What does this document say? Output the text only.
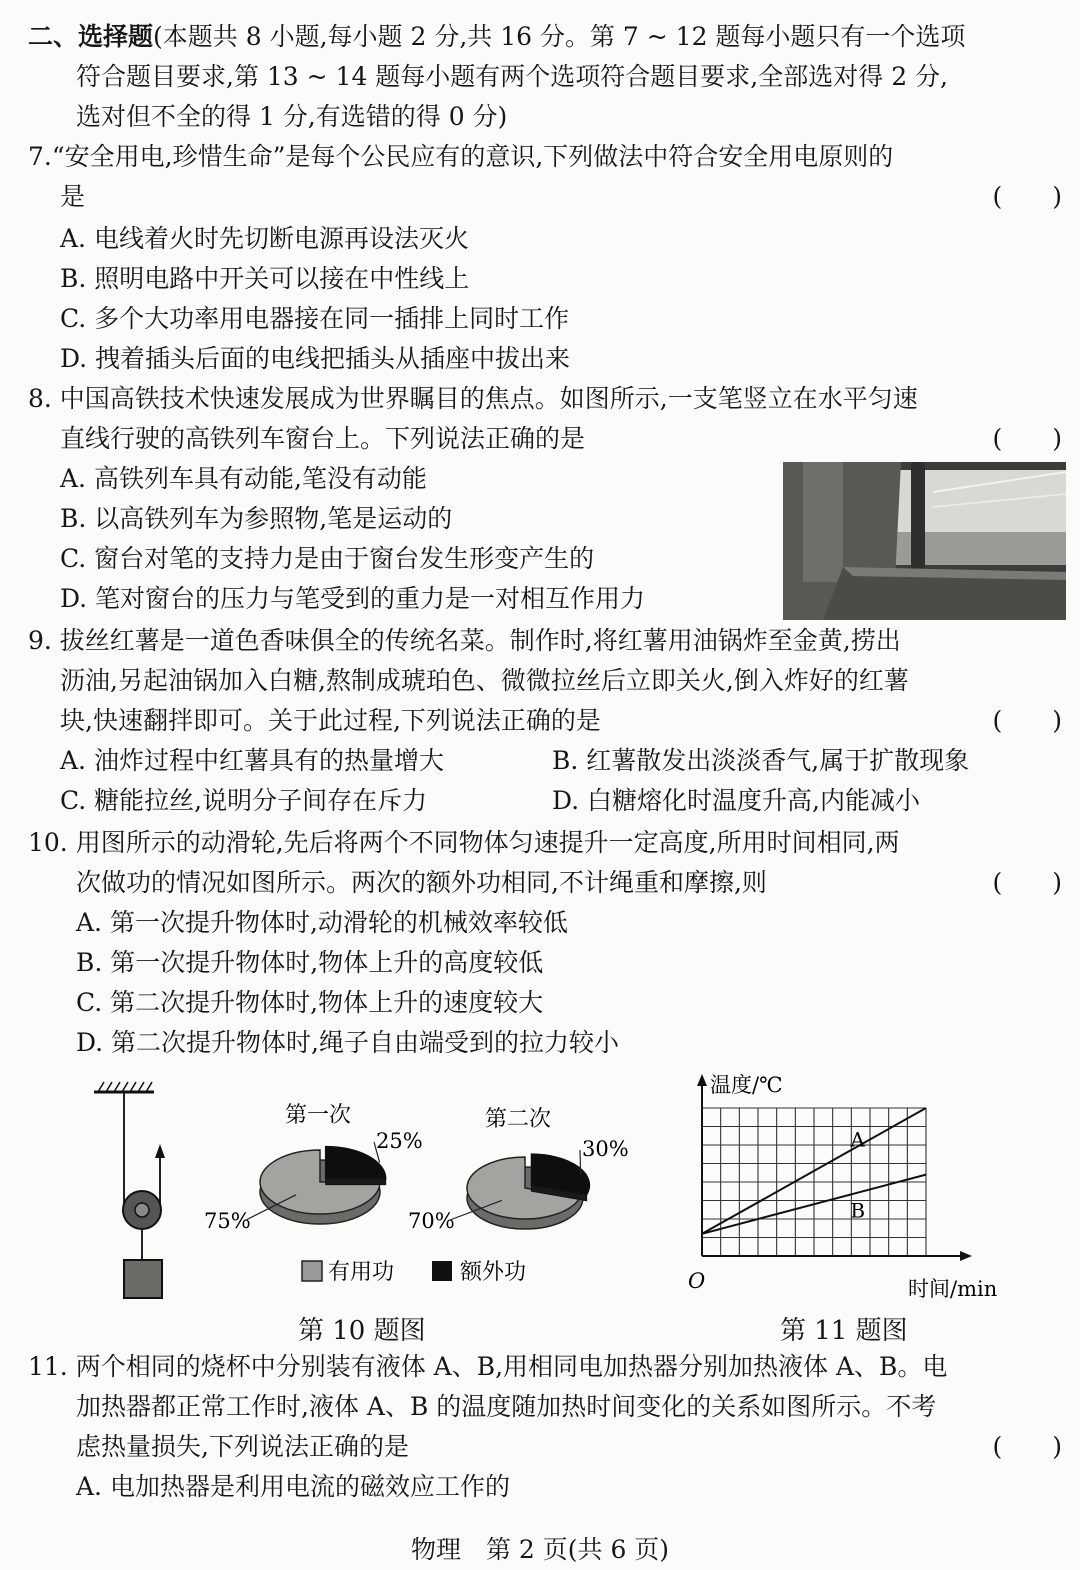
二、选择题(本题共 8 小题,每小题 2 分,共 16 分。第 7 ~ 12 题每小题只有一个选项
符合题目要求,第 13 ~ 14 题每小题有两个选项符合题目要求,全部选对得 2 分,
选对但不全的得 1 分,有选错的得 0 分)
7.“安全用电,珍惜生命”是每个公民应有的意识,下列做法中符合安全用电原则的
是	(　　)
A. 电线着火时先切断电源再设法灭火
B. 照明电路中开关可以接在中性线上
C. 多个大功率用电器接在同一插排上同时工作
D. 拽着插头后面的电线把插头从插座中拔出来
8. 中国高铁技术快速发展成为世界瞩目的焦点。如图所示,一支笔竖立在水平匀速
直线行驶的高铁列车窗台上。下列说法正确的是	(　　)
A. 高铁列车具有动能,笔没有动能
B. 以高铁列车为参照物,笔是运动的
C. 窗台对笔的支持力是由于窗台发生形变产生的
D. 笔对窗台的压力与笔受到的重力是一对相互作用力
9. 拔丝红薯是一道色香味俱全的传统名菜。制作时,将红薯用油锅炸至金黄,捞出
沥油,另起油锅加入白糖,熬制成琥珀色、微微拉丝后立即关火,倒入炸好的红薯
块,快速翻拌即可。关于此过程,下列说法正确的是	(　　)
A. 油炸过程中红薯具有的热量增大	B. 红薯散发出淡淡香气,属于扩散现象
C. 糖能拉丝,说明分子间存在斥力	D. 白糖熔化时温度升高,内能减小
10. 用图所示的动滑轮,先后将两个不同物体匀速提升一定高度,所用时间相同,两
次做功的情况如图所示。两次的额外功相同,不计绳重和摩擦,则	(　　)
A. 第一次提升物体时,动滑轮的机械效率较低
B. 第一次提升物体时,物体上升的高度较低
C. 第二次提升物体时,物体上升的速度较大
D. 第二次提升物体时,绳子自由端受到的拉力较小
第一次	第二次
75%
25%
70%
30%
有用功	额外功
第 10 题图
温度/℃
时间/min
O
A
B
第 11 题图
11. 两个相同的烧杯中分别装有液体 A、B,用相同电加热器分别加热液体 A、B。电
加热器都正常工作时,液体 A、B 的温度随加热时间变化的关系如图所示。不考
虑热量损失,下列说法正确的是	(　　)
A. 电加热器是利用电流的磁效应工作的
物理　第 2 页(共 6 页)
